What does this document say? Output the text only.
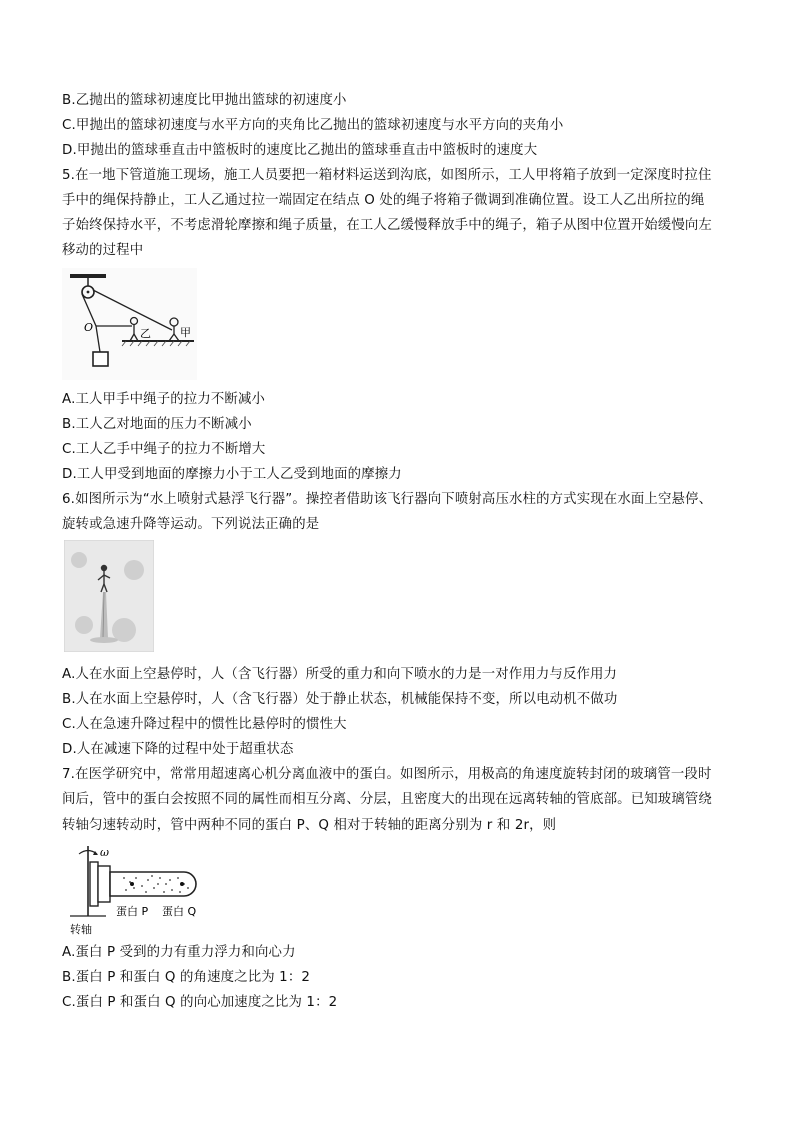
B.乙抛出的篮球初速度比甲抛出篮球的初速度小
C.甲抛出的篮球初速度与水平方向的夹角比乙抛出的篮球初速度与水平方向的夹角小
D.甲抛出的篮球垂直击中篮板时的速度比乙抛出的篮球垂直击中篮板时的速度大
5.在一地下管道施工现场，施工人员要把一箱材料运送到沟底，如图所示，工人甲将箱子放到一定深度时拉住
手中的绳保持静止，工人乙通过拉一端固定在结点 O 处的绳子将箱子微调到准确位置。设工人乙出所拉的绳
子始终保持水平，不考虑滑轮摩擦和绳子质量，在工人乙缓慢释放手中的绳子，箱子从图中位置开始缓慢向左
移动的过程中
O	乙	甲
A.工人甲手中绳子的拉力不断减小
B.工人乙对地面的压力不断减小
C.工人乙手中绳子的拉力不断增大
D.工人甲受到地面的摩擦力小于工人乙受到地面的摩擦力
6.如图所示为“水上喷射式悬浮飞行器”。操控者借助该飞行器向下喷射高压水柱的方式实现在水面上空悬停、
旋转或急速升降等运动。下列说法正确的是
A.人在水面上空悬停时，人（含飞行器）所受的重力和向下喷水的力是一对作用力与反作用力
B.人在水面上空悬停时，人（含飞行器）处于静止状态，机械能保持不变，所以电动机不做功
C.人在急速升降过程中的惯性比悬停时的惯性大
D.人在减速下降的过程中处于超重状态
7.在医学研究中，常常用超速离心机分离血液中的蛋白。如图所示，用极高的角速度旋转封闭的玻璃管一段时
间后，管中的蛋白会按照不同的属性而相互分离、分层，且密度大的出现在远离转轴的管底部。已知玻璃管绕
转轴匀速转动时，管中两种不同的蛋白 P、Q 相对于转轴的距离分别为 r 和 2r，则
ω
转轴
蛋白 P 蛋白 Q
A.蛋白 P 受到的力有重力浮力和向心力
B.蛋白 P 和蛋白 Q 的角速度之比为 1：2
C.蛋白 P 和蛋白 Q 的向心加速度之比为 1：2
